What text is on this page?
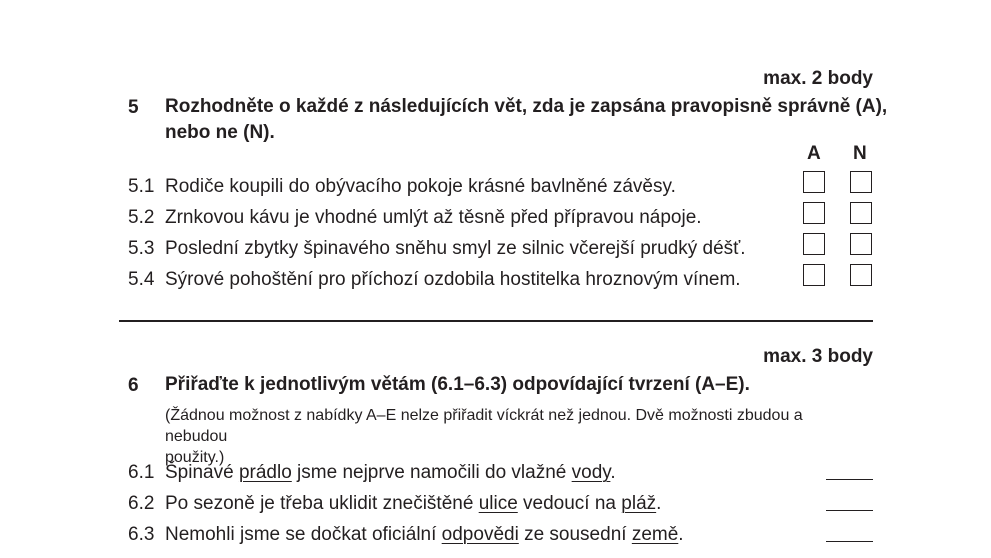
max. 2 body
5 Rozhodněte o každé z následujících vět, zda je zapsána pravopisně správně (A),
nebo ne (N).
A N
5.1 Rodiče koupili do obývacího pokoje krásné bavlněné závěsy.
5.2 Zrnkovou kávu je vhodné umlýt až těsně před přípravou nápoje.
5.3 Poslední zbytky špinavého sněhu smyl ze silnic včerejší prudký déšť.
5.4 Sýrové pohoštění pro příchozí ozdobila hostitelka hroznovým vínem.
max. 3 body
6 Přiřaďte k jednotlivým větám (6.1–6.3) odpovídající tvrzení (A–E).
(Žádnou možnost z nabídky A–E nelze přiřadit víckrát než jednou. Dvě možnosti zbudou a nebudou
použity.)
6.1 Špinavé prádlo jsme nejprve namočili do vlažné vody.
6.2 Po sezoně je třeba uklidit znečištěné ulice vedoucí na pláž.
6.3 Nemohli jsme se dočkat oficiální odpovědi ze sousední země.
